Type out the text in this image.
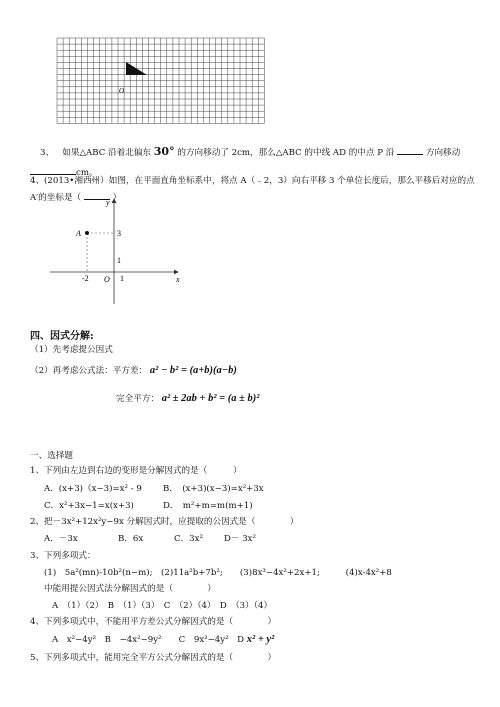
O
3、 如果△ABC 沿着北偏东 30° 的方向移动了 2cm，那么△ABC 的中线 AD 的中点 P 沿	方向移动
cm。
4、(2013•湘西州）如图，在平面直角坐标系中，将点 A（﹣2，3）向右平移 3 个单位长度后，那么平移后对应的点
A′的坐标是（	）
y
x
O
A	3
1
-2	1
四、因式分解:
（1）先考虑提公因式
（2）再考虑公式法：平方差： a² − b² = (a+b)(a−b)
完全平方： a² ± 2ab + b² = (a ± b)²
一、选择题
1、下列由左边到右边的变形是分解因式的是（　　　）
A．(x+3)（x−3)=x² - 9 B．　(x+3)(x−3)=x²+3x
C．x²+3x−1=x(x+3)	D．　m²+m=m(m+1)
2、把－3x²+12x²y−9x 分解因式时，应提取的公因式是（　　　　）
A．－3x	B．6x	C．3x² D－ 3x²
3、下列多项式：
(1)　5a²(mn)-10b²(n−m);　(2)11a²b+7b²;　　(3)8x³−4x²+2x+1;　　　(4)x-4x²+8
中能用提公因式法分解因式的是（　　　　）
A　（1）（2）　B　（1）（3）　C　（2）（4）　D　（3）（4）
4、下列多项式中，不能用平方差公式分解因式的是（　　　　）
A　x²−4y²　B　−4x²−9y²　　C　9x²−4y²　D x² + y²
5、下列多项式中，能用完全平方公式分解因式的是（　　　　）
